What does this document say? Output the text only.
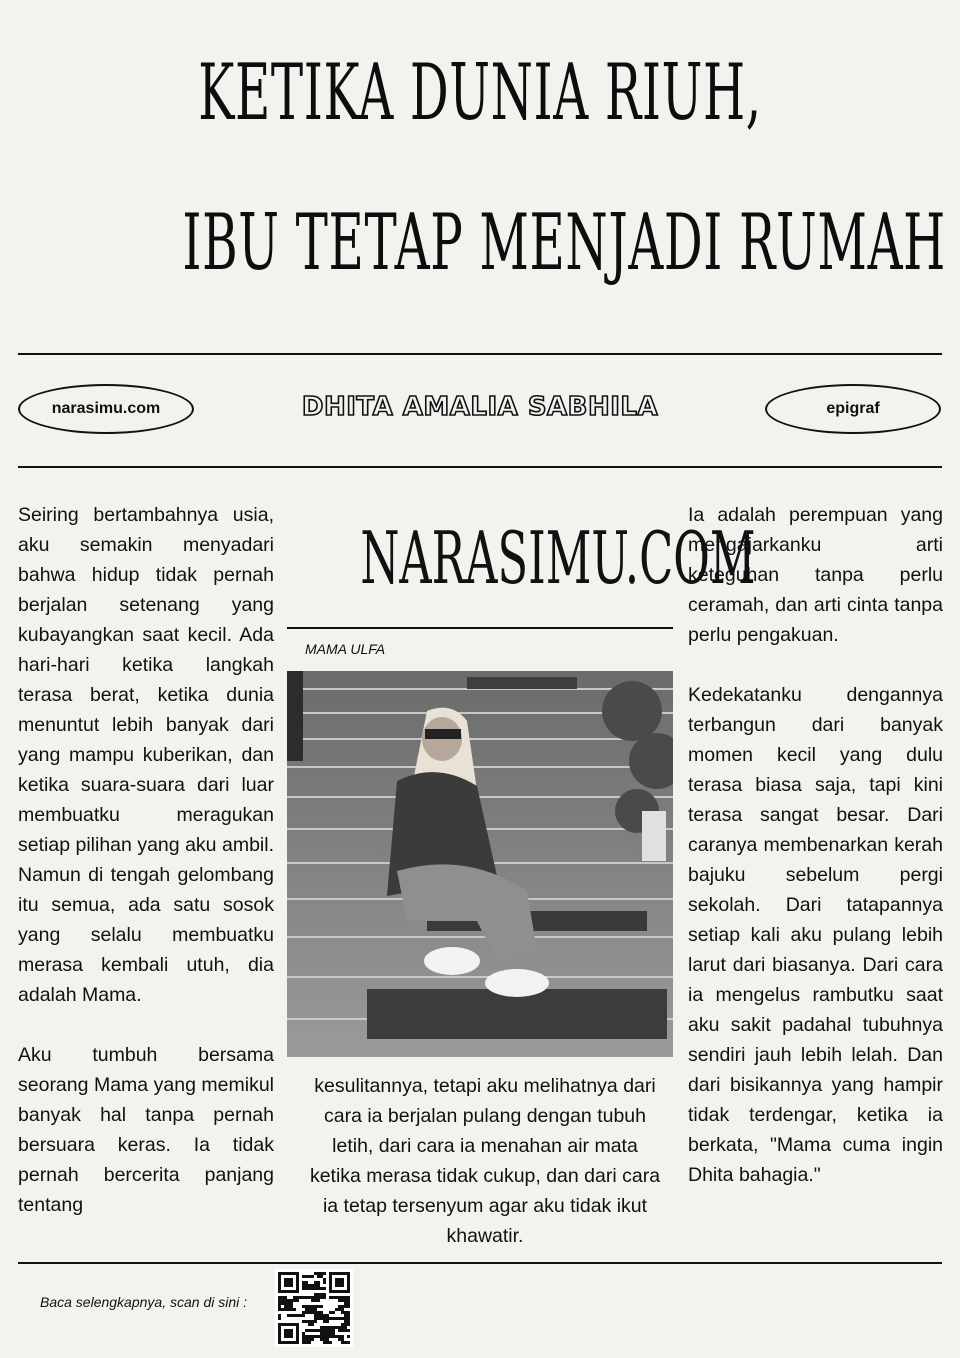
KETIKA DUNIA RIUH,
IBU TETAP MENJADI RUMAH
narasimu.com	DHITA AMALIA SABHILA	epigraf

Seiring bertambahnya usia, aku semakin menyadari bahwa hidup tidak pernah berjalan setenang yang kubayangkan saat kecil. Ada hari-hari ketika langkah terasa berat, ketika dunia menuntut lebih banyak dari yang mampu kuberikan, dan ketika suara-suara dari luar membuatku meragukan setiap pilihan yang aku ambil. Namun di tengah gelombang itu semua, ada satu sosok yang selalu membuatku merasa kembali utuh, dia adalah Mama.

Aku tumbuh bersama seorang Mama yang memikul banyak hal tanpa pernah bersuara keras. Ia tidak pernah bercerita panjang tentang

NARASIMU.COM
MAMA ULFA

kesulitannya, tetapi aku melihatnya dari cara ia berjalan pulang dengan tubuh letih, dari cara ia menahan air mata ketika merasa tidak cukup, dan dari cara ia tetap tersenyum agar aku tidak ikut khawatir.

Ia adalah perempuan yang mengajarkanku arti keteguhan tanpa perlu ceramah, dan arti cinta tanpa perlu pengakuan.

Kedekatanku dengannya terbangun dari banyak momen kecil yang dulu terasa biasa saja, tapi kini terasa sangat besar. Dari caranya membenarkan kerah bajuku sebelum pergi sekolah. Dari tatapannya setiap kali aku pulang lebih larut dari biasanya. Dari cara ia mengelus rambutku saat aku sakit padahal tubuhnya sendiri jauh lebih lelah. Dan dari bisikannya yang hampir tidak terdengar, ketika ia berkata, "Mama cuma ingin Dhita bahagia."

Baca selengkapnya, scan di sini :
